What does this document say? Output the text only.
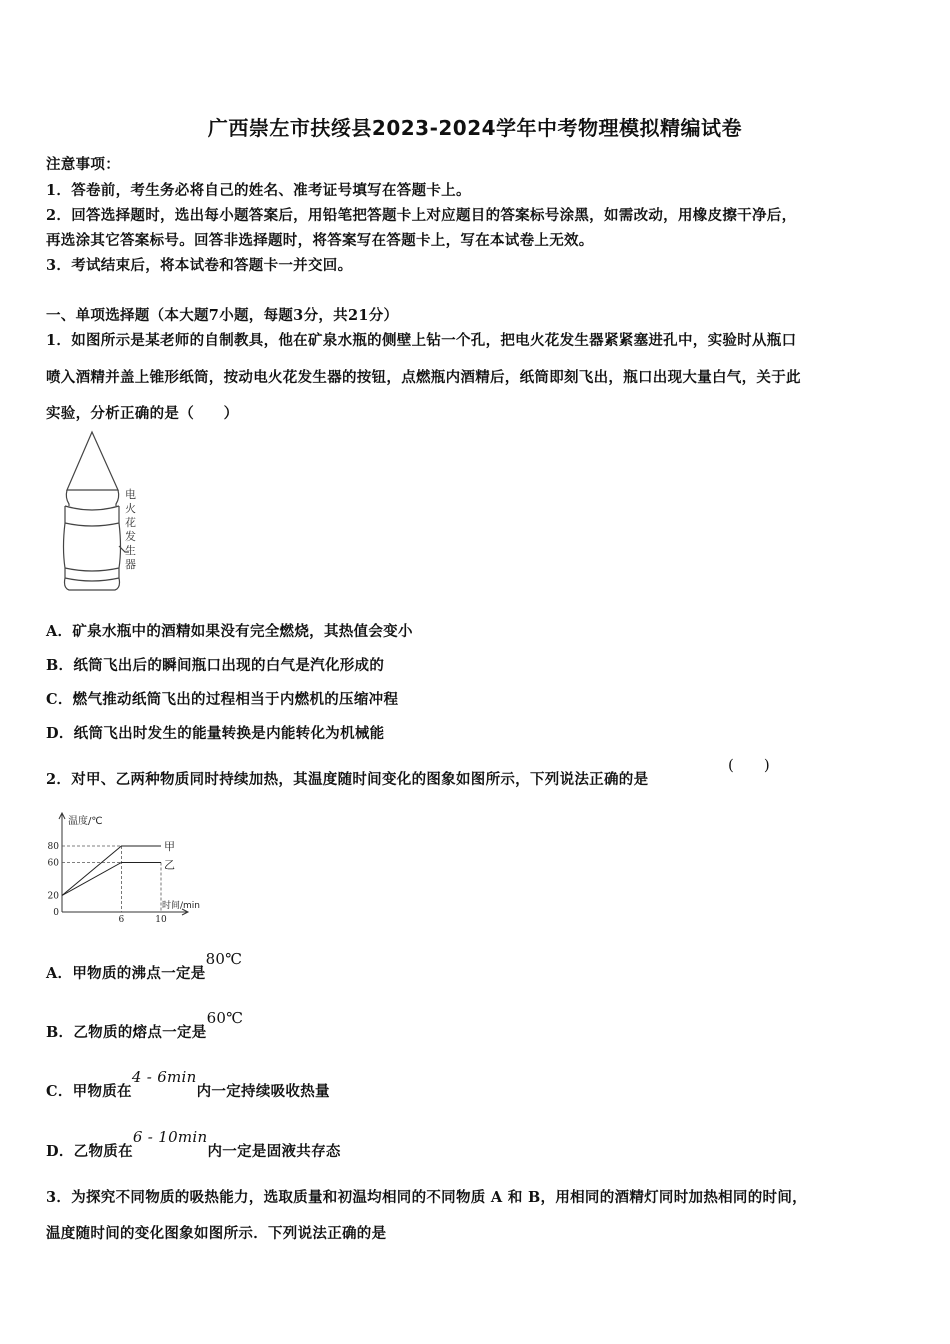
广西崇左市扶绥县2023-2024学年中考物理模拟精编试卷
注意事项：
1．答卷前，考生务必将自己的姓名、准考证号填写在答题卡上。
2．回答选择题时，选出每小题答案后，用铅笔把答题卡上对应题目的答案标号涂黑，如需改动，用橡皮擦干净后，
再选涂其它答案标号。回答非选择题时，将答案写在答题卡上，写在本试卷上无效。
3．考试结束后，将本试卷和答题卡一并交回。
一、单项选择题（本大题7小题，每题3分，共21分）
1．如图所示是某老师的自制教具，他在矿泉水瓶的侧壁上钻一个孔，把电火花发生器紧紧塞进孔中，实验时从瓶口
喷入酒精并盖上锥形纸筒，按动电火花发生器的按钮，点燃瓶内酒精后，纸筒即刻飞出，瓶口出现大量白气，关于此
实验，分析正确的是（　　）
电
火
花
发
生
器
A．矿泉水瓶中的酒精如果没有完全燃烧，其热值会变小
B．纸筒飞出后的瞬间瓶口出现的白气是汽化形成的
C．燃气推动纸筒飞出的过程相当于内燃机的压缩冲程
D．纸筒飞出时发生的能量转换是内能转化为机械能
2．对甲、乙两种物质同时持续加热，其温度随时间变化的图象如图所示，下列说法正确的是
(　　)
温度/℃
时间/min
80
60
20
0
6	10
甲
乙
A．甲物质的沸点一定是80℃
B．乙物质的熔点一定是60℃
C．甲物质在4 - 6min内一定持续吸收热量
D．乙物质在6 - 10min内一定是固液共存态
3．为探究不同物质的吸热能力，选取质量和初温均相同的不同物质 A 和 B，用相同的酒精灯同时加热相同的时间，
温度随时间的变化图象如图所示．下列说法正确的是
